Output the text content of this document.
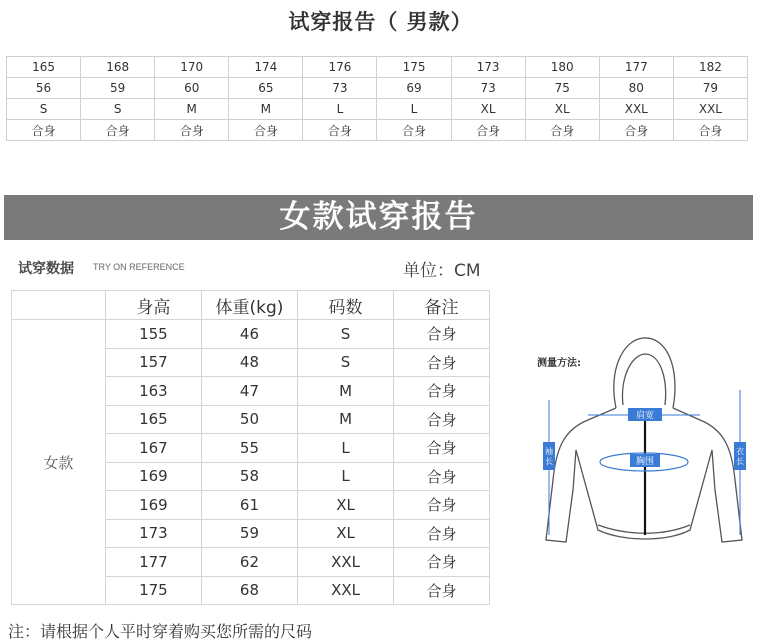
试穿报告（ 男款）
165	168	170	174	176	175	173	180	177	182
56	59	60	65	73	69	73	75	80	79
S	S	M	M	L	L	XL	XL	XXL	XXL
合身	合身	合身	合身	合身	合身	合身	合身	合身	合身
女款试穿报告
试穿数据 TRY ON REFERENCE	单位：CM
	身高	体重(kg)	码数	备注
女款	155	46	S	合身
	157	48	S	合身
	163	47	M	合身
	165	50	M	合身
	167	55	L	合身
	169	58	L	合身
	169	61	XL	合身
	173	59	XL	合身
	177	62	XXL	合身
	175	68	XXL	合身
测量方法:
肩宽
胸围
袖长
衣长
注：请根据个人平时穿着购买您所需的尺码
